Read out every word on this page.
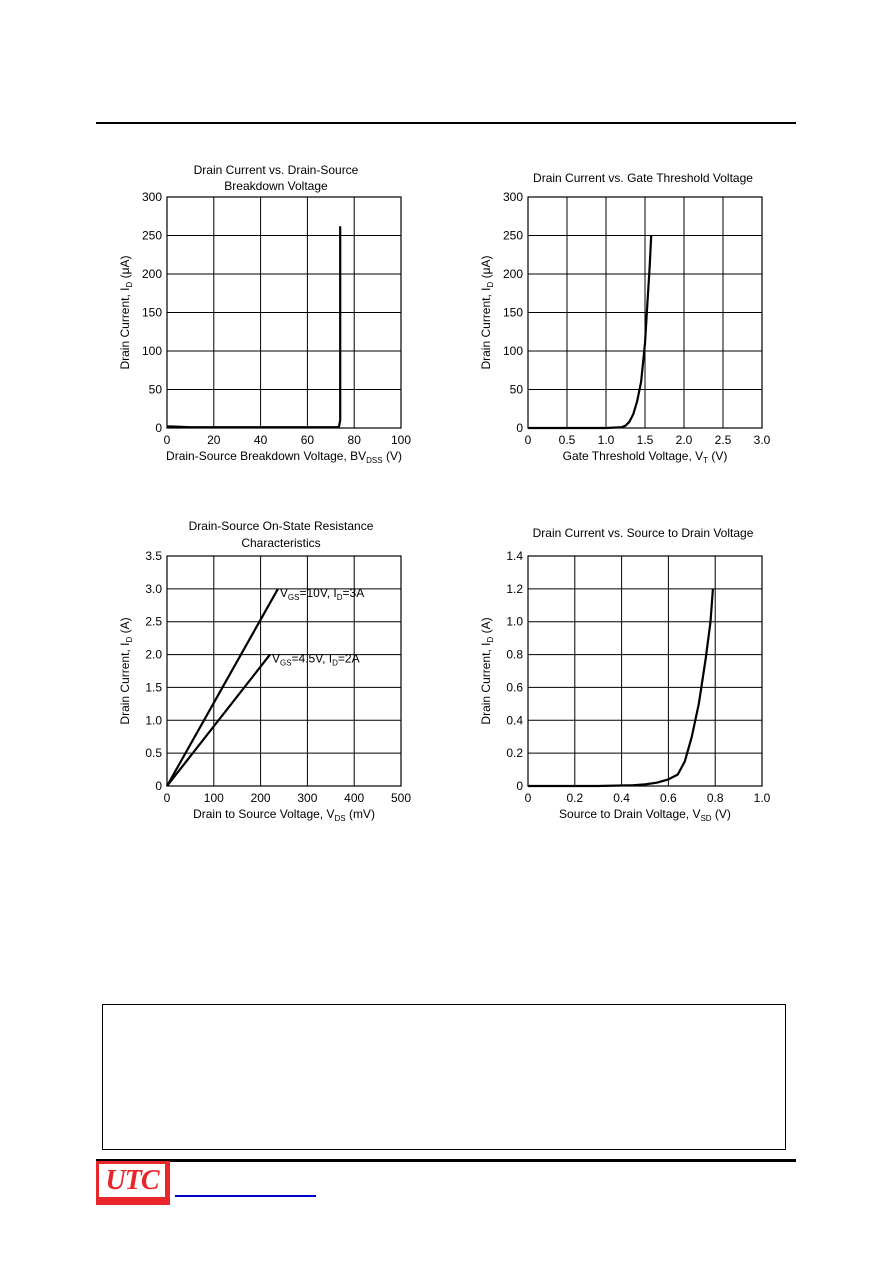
Drain Current vs. Drain-Source
Breakdown Voltage
0	20	40	60	80	100
0
50
100
150
200
250
300
Drain-Source Breakdown Voltage, $BV_{DSS}$ (V)
Drain Current, $I_D$ (μA)
Drain Current vs. Gate Threshold Voltage
0 0.5 1.0 1.5 2.0 2.5 3.0
0
50
100
150
200
250
300
Gate Threshold Voltage, $V_T$ (V)
Drain Current, $I_D$ (μA)
Drain-Source On-State Resistance
Characteristics
0	100 200 300 400 500
0
0.5
1.0
1.5
2.0
2.5
3.0
3.5
Drain to Source Voltage, $V_{DS}$ (mV)
Drain Current, $I_D$ (A)
$V_{GS}=10V$, $I_D=3A$
$V_{GS}=4.5V$, $I_D=2A$
Drain Current vs. Source to Drain Voltage
0	0.2	0.4	0.6	0.8	1.0
0
0.2
0.4
0.6
0.8
1.0
1.2
1.4
Source to Drain Voltage, $V_{SD}$ (V)
Drain Current, $I_D$ (A)
UTC
